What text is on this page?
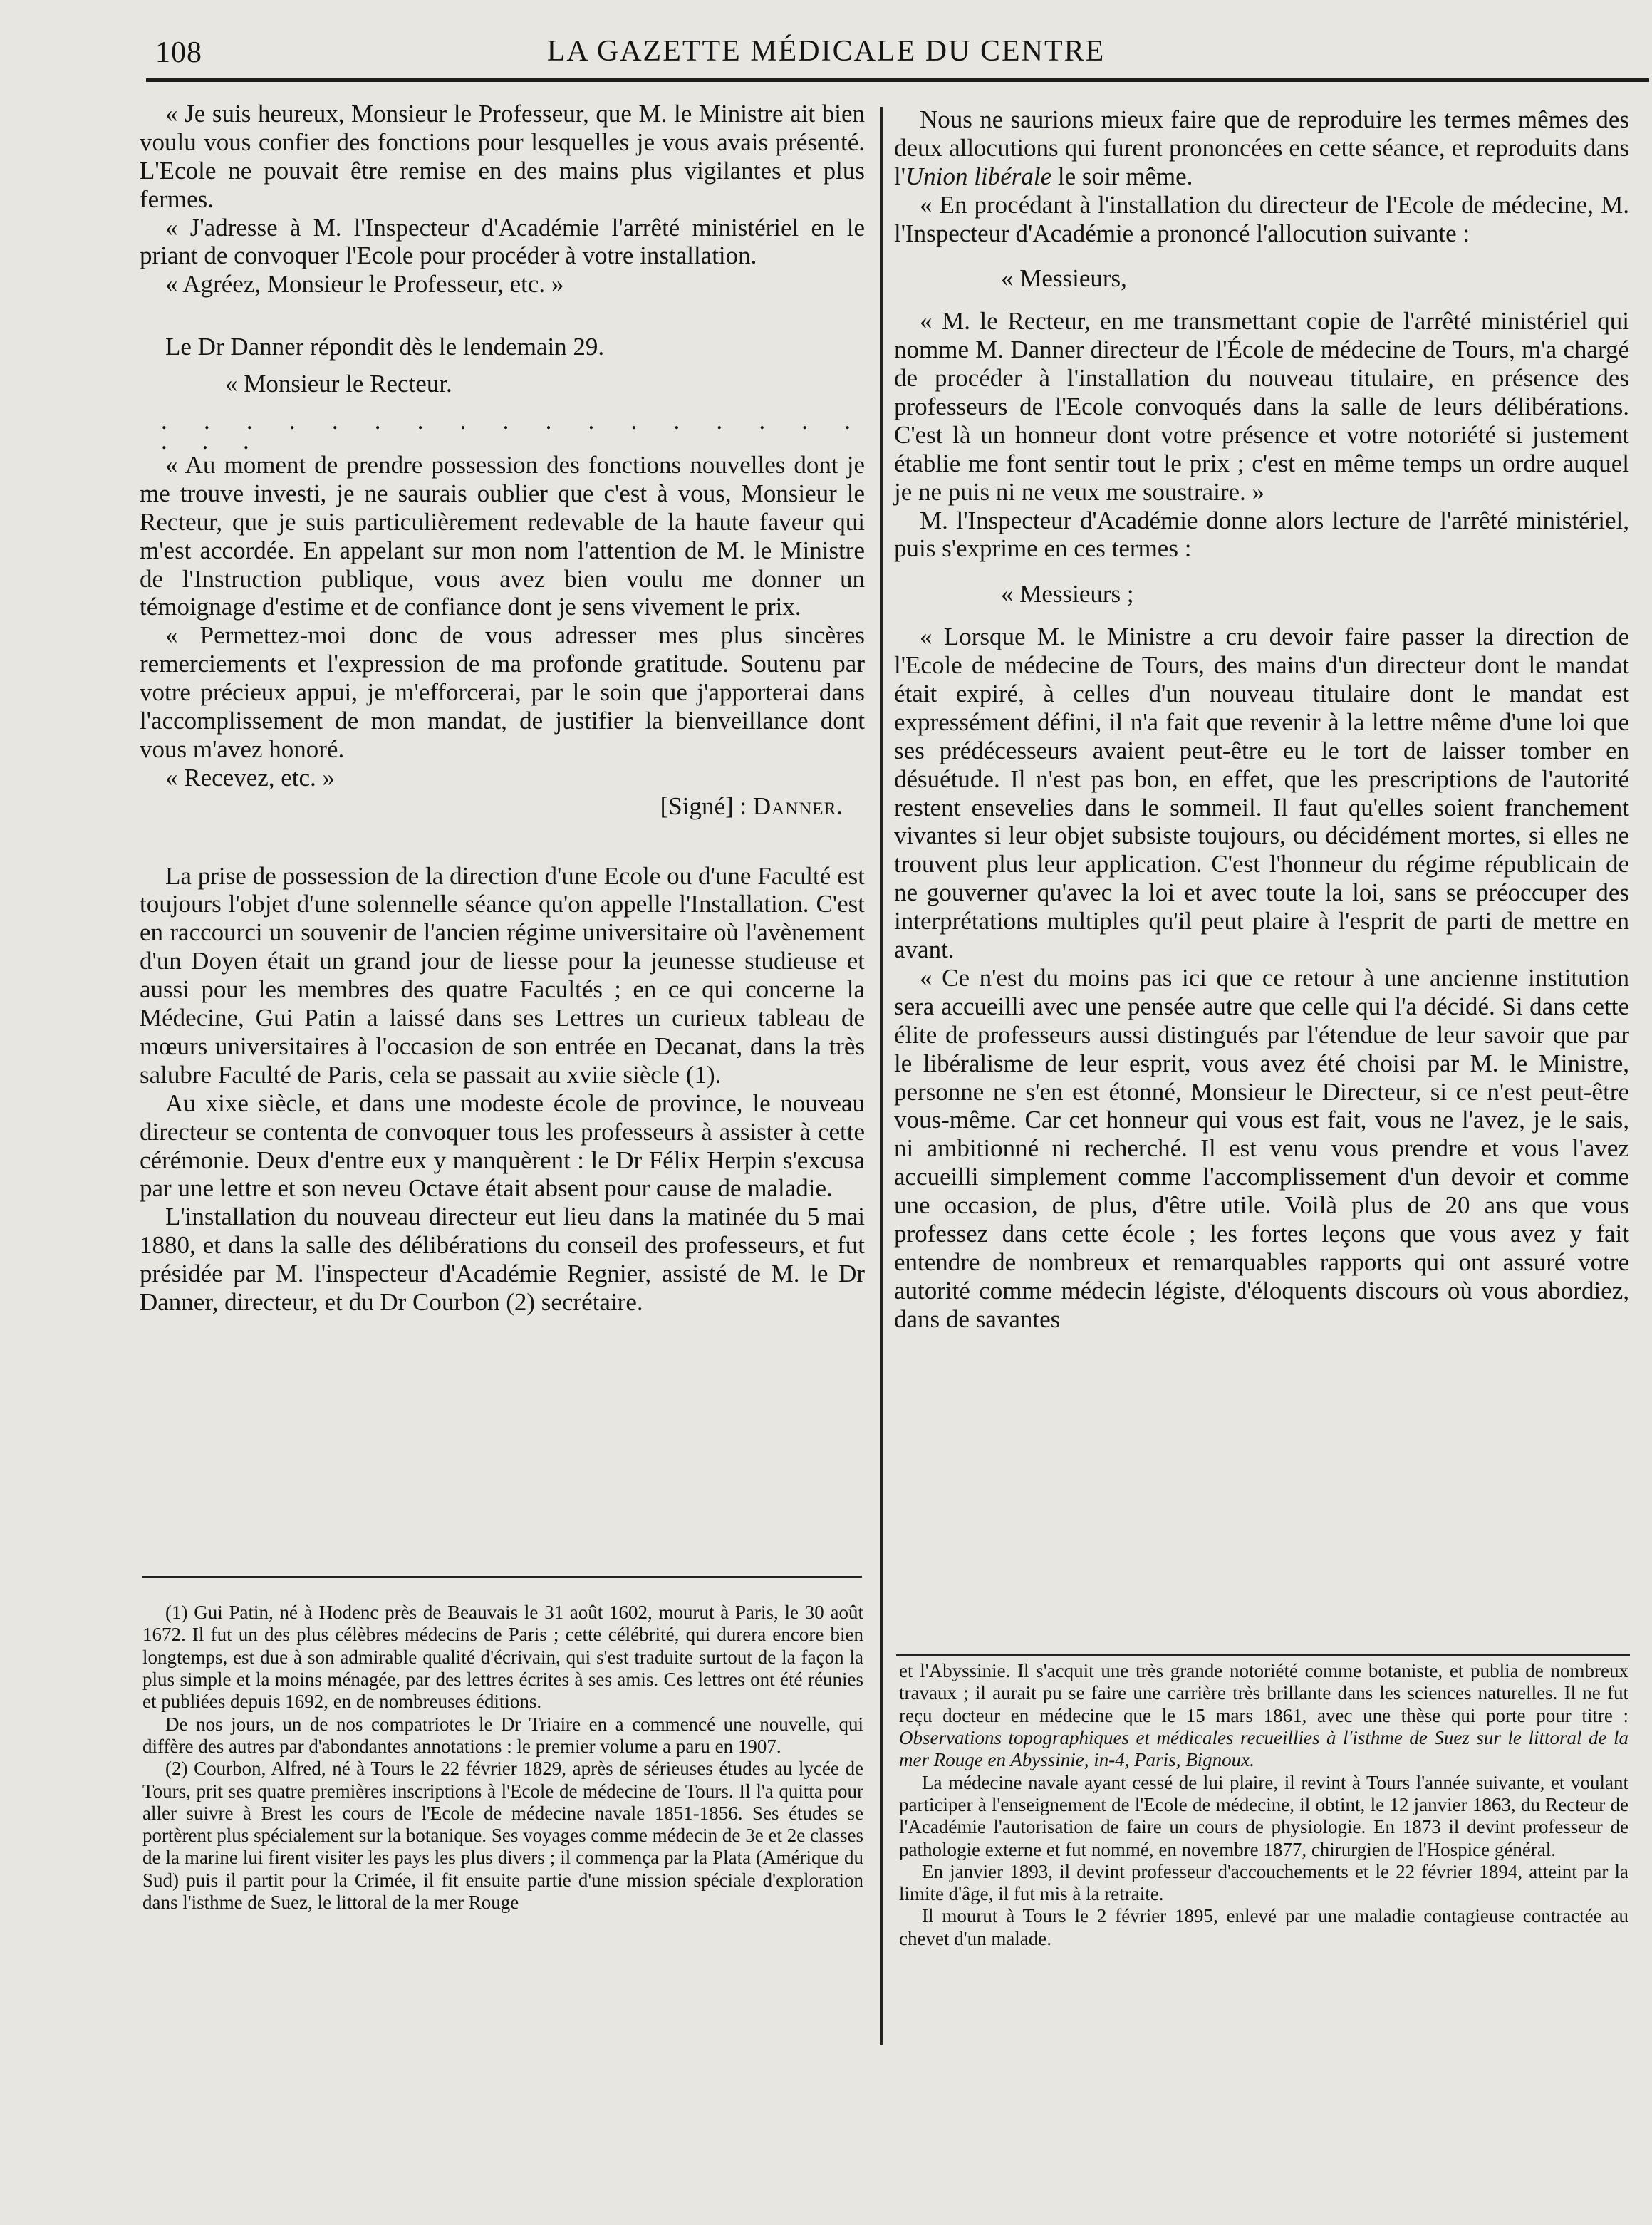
108	LA GAZETTE MÉDICALE DU CENTRE

« Je suis heureux, Monsieur le Professeur, que M. le Ministre ait bien voulu vous confier des fonctions pour lesquelles je vous avais présenté. L'Ecole ne pouvait être remise en des mains plus vigilantes et plus fermes.

« J'adresse à M. l'Inspecteur d'Académie l'arrêté ministériel en le priant de convoquer l'Ecole pour procéder à votre installation.

« Agréez, Monsieur le Professeur, etc. »

Le Dr Danner répondit dès le lendemain 29.

« Monsieur le Recteur.

. . . . . . . . . . . . . . . . . . . .

« Au moment de prendre possession des fonctions nouvelles dont je me trouve investi, je ne saurais oublier que c'est à vous, Monsieur le Recteur, que je suis particulièrement redevable de la haute faveur qui m'est accordée. En appelant sur mon nom l'attention de M. le Ministre de l'Instruction publique, vous avez bien voulu me donner un témoignage d'estime et de confiance dont je sens vivement le prix.

« Permettez-moi donc de vous adresser mes plus sincères remerciements et l'expression de ma profonde gratitude. Soutenu par votre précieux appui, je m'efforcerai, par le soin que j'apporterai dans l'accomplissement de mon mandat, de justifier la bienveillance dont vous m'avez honoré.

« Recevez, etc. »

[Signé] : Danner.

La prise de possession de la direction d'une Ecole ou d'une Faculté est toujours l'objet d'une solennelle séance qu'on appelle l'Installation. C'est en raccourci un souvenir de l'ancien régime universitaire où l'avènement d'un Doyen était un grand jour de liesse pour la jeunesse studieuse et aussi pour les membres des quatre Facultés ; en ce qui concerne la Médecine, Gui Patin a laissé dans ses Lettres un curieux tableau de mœurs universitaires à l'occasion de son entrée en Decanat, dans la très salubre Faculté de Paris, cela se passait au xviie siècle (1).

Au xixe siècle, et dans une modeste école de province, le nouveau directeur se contenta de convoquer tous les professeurs à assister à cette cérémonie. Deux d'entre eux y manquèrent : le Dr Félix Herpin s'excusa par une lettre et son neveu Octave était absent pour cause de maladie.

L'installation du nouveau directeur eut lieu dans la matinée du 5 mai 1880, et dans la salle des délibérations du conseil des professeurs, et fut présidée par M. l'inspecteur d'Académie Regnier, assisté de M. le Dr Danner, directeur, et du Dr Courbon (2) secrétaire.

Nous ne saurions mieux faire que de reproduire les termes mêmes des deux allocutions qui furent prononcées en cette séance, et reproduits dans l'Union libérale le soir même.

« En procédant à l'installation du directeur de l'Ecole de médecine, M. l'Inspecteur d'Académie a prononcé l'allocution suivante :

« Messieurs,

« M. le Recteur, en me transmettant copie de l'arrêté ministériel qui nomme M. Danner directeur de l'École de médecine de Tours, m'a chargé de procéder à l'installation du nouveau titulaire, en présence des professeurs de l'Ecole convoqués dans la salle de leurs délibérations. C'est là un honneur dont votre présence et votre notoriété si justement établie me font sentir tout le prix ; c'est en même temps un ordre auquel je ne puis ni ne veux me soustraire. »

M. l'Inspecteur d'Académie donne alors lecture de l'arrêté ministériel, puis s'exprime en ces termes :

« Messieurs ;

« Lorsque M. le Ministre a cru devoir faire passer la direction de l'Ecole de médecine de Tours, des mains d'un directeur dont le mandat était expiré, à celles d'un nouveau titulaire dont le mandat est expressément défini, il n'a fait que revenir à la lettre même d'une loi que ses prédécesseurs avaient peut-être eu le tort de laisser tomber en désuétude. Il n'est pas bon, en effet, que les prescriptions de l'autorité restent ensevelies dans le sommeil. Il faut qu'elles soient franchement vivantes si leur objet subsiste toujours, ou décidément mortes, si elles ne trouvent plus leur application. C'est l'honneur du régime républicain de ne gouverner qu'avec la loi et avec toute la loi, sans se préoccuper des interprétations multiples qu'il peut plaire à l'esprit de parti de mettre en avant.

« Ce n'est du moins pas ici que ce retour à une ancienne institution sera accueilli avec une pensée autre que celle qui l'a décidé. Si dans cette élite de professeurs aussi distingués par l'étendue de leur savoir que par le libéralisme de leur esprit, vous avez été choisi par M. le Ministre, personne ne s'en est étonné, Monsieur le Directeur, si ce n'est peut-être vous-même. Car cet honneur qui vous est fait, vous ne l'avez, je le sais, ni ambitionné ni recherché. Il est venu vous prendre et vous l'avez accueilli simplement comme l'accomplissement d'un devoir et comme une occasion, de plus, d'être utile. Voilà plus de 20 ans que vous professez dans cette école ; les fortes leçons que vous avez y fait entendre de nombreux et remarquables rapports qui ont assuré votre autorité comme médecin légiste, d'éloquents discours où vous abordiez, dans de savantes

(1) Gui Patin, né à Hodenc près de Beauvais le 31 août 1602, mourut à Paris, le 30 août 1672. Il fut un des plus célèbres médecins de Paris ; cette célébrité, qui durera encore bien longtemps, est due à son admirable qualité d'écrivain, qui s'est traduite surtout de la façon la plus simple et la moins ménagée, par des lettres écrites à ses amis. Ces lettres ont été réunies et publiées depuis 1692, en de nombreuses éditions.

De nos jours, un de nos compatriotes le Dr Triaire en a commencé une nouvelle, qui diffère des autres par d'abondantes annotations : le premier volume a paru en 1907.

(2) Courbon, Alfred, né à Tours le 22 février 1829, après de sérieuses études au lycée de Tours, prit ses quatre premières inscriptions à l'Ecole de médecine de Tours. Il l'a quitta pour aller suivre à Brest les cours de l'Ecole de médecine navale 1851-1856. Ses études se portèrent plus spécialement sur la botanique. Ses voyages comme médecin de 3e et 2e classes de la marine lui firent visiter les pays les plus divers ; il commença par la Plata (Amérique du Sud) puis il partit pour la Crimée, il fit ensuite partie d'une mission spéciale d'exploration dans l'isthme de Suez, le littoral de la mer Rouge

et l'Abyssinie. Il s'acquit une très grande notoriété comme botaniste, et publia de nombreux travaux ; il aurait pu se faire une carrière très brillante dans les sciences naturelles. Il ne fut reçu docteur en médecine que le 15 mars 1861, avec une thèse qui porte pour titre : Observations topographiques et médicales recueillies à l'isthme de Suez sur le littoral de la mer Rouge en Abyssinie, in-4, Paris, Bignoux.

La médecine navale ayant cessé de lui plaire, il revint à Tours l'année suivante, et voulant participer à l'enseignement de l'Ecole de médecine, il obtint, le 12 janvier 1863, du Recteur de l'Académie l'autorisation de faire un cours de physiologie. En 1873 il devint professeur de pathologie externe et fut nommé, en novembre 1877, chirurgien de l'Hospice général.

En janvier 1893, il devint professeur d'accouchements et le 22 février 1894, atteint par la limite d'âge, il fut mis à la retraite.

Il mourut à Tours le 2 février 1895, enlevé par une maladie contagieuse contractée au chevet d'un malade.
